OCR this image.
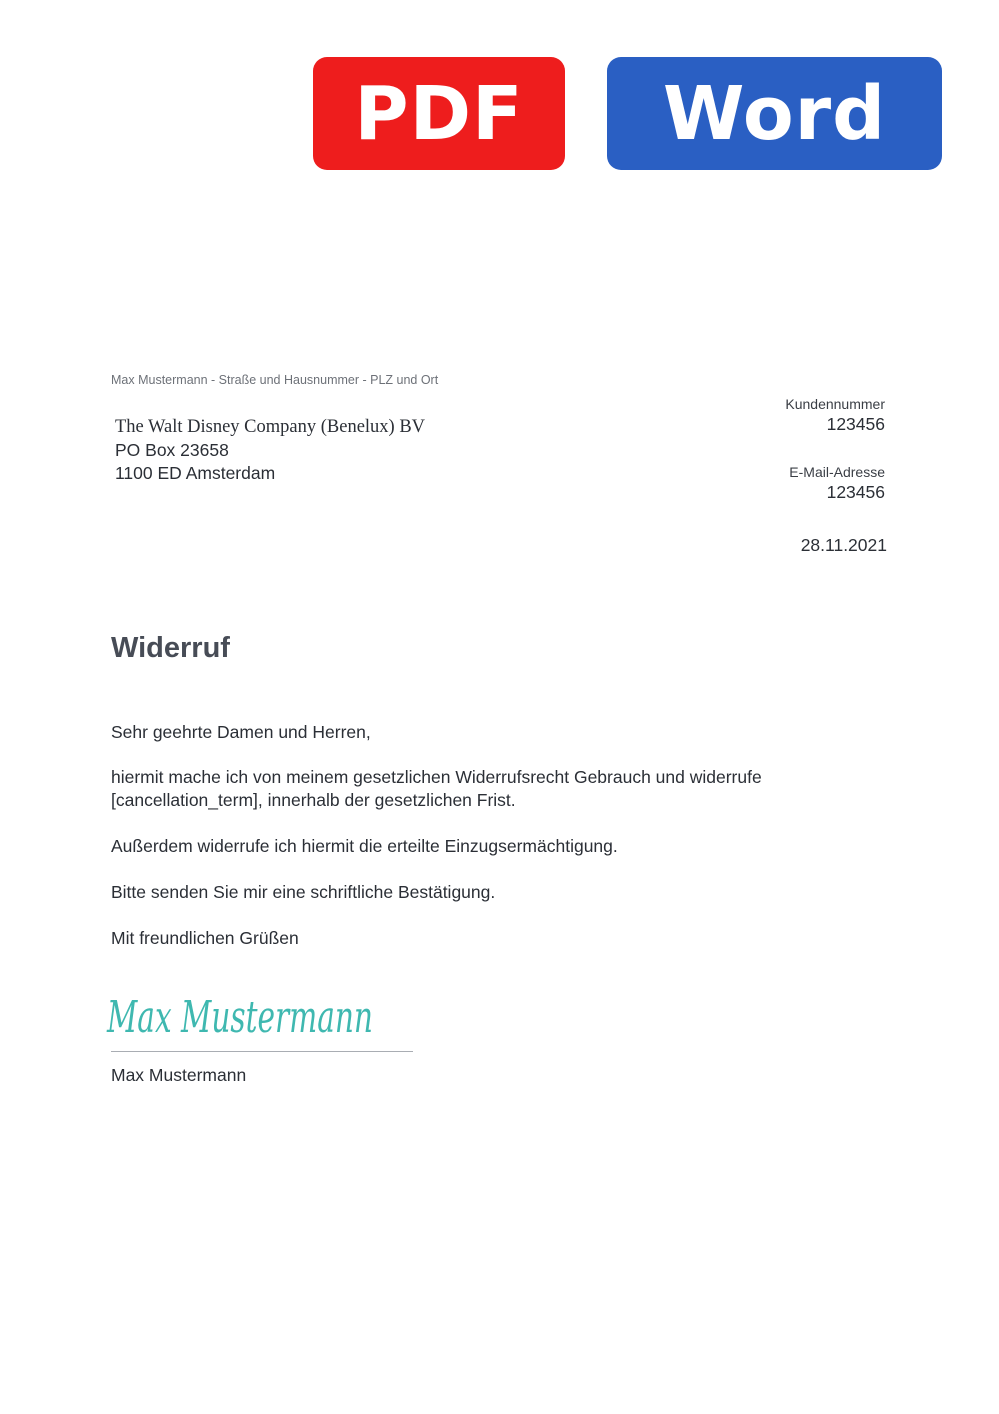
PDF	Word
Max Mustermann - Straße und Hausnummer - PLZ und Ort
The Walt Disney Company (Benelux) BV
PO Box 23658
1100 ED Amsterdam
Kundennummer
123456
E-Mail-Adresse
123456
28.11.2021
Widerruf
Sehr geehrte Damen und Herren,
hiermit mache ich von meinem gesetzlichen Widerrufsrecht Gebrauch und widerrufe
[cancellation_term], innerhalb der gesetzlichen Frist.
Außerdem widerrufe ich hiermit die erteilte Einzugsermächtigung.
Bitte senden Sie mir eine schriftliche Bestätigung.
Mit freundlichen Grüßen
Max Mustermann
Max Mustermann
